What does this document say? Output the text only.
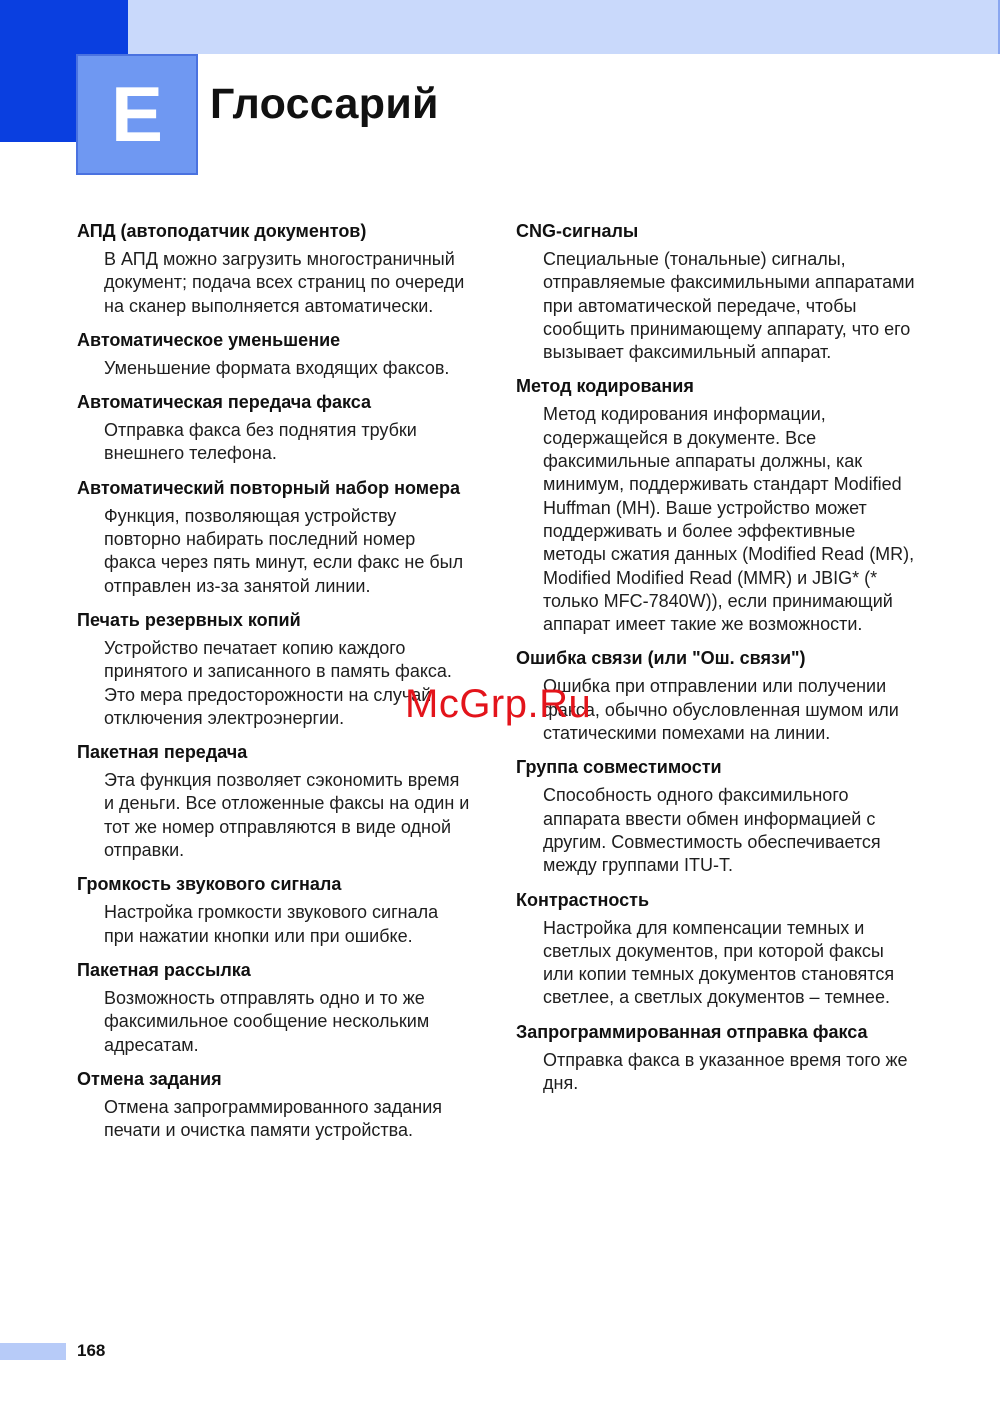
E	Глоссарий
АПД (автоподатчик документов)
В АПД можно загрузить многостраничный документ; подача всех страниц по очереди на сканер выполняется автоматически.
Автоматическое уменьшение
Уменьшение формата входящих факсов.
Автоматическая передача факса
Отправка факса без поднятия трубки внешнего телефона.
Автоматический повторный набор номера
Функция, позволяющая устройству повторно набирать последний номер факса через пять минут, если факс не был отправлен из-за занятой линии.
Печать резервных копий
Устройство печатает копию каждого принятого и записанного в память факса. Это мера предосторожности на случай отключения электроэнергии.
Пакетная передача
Эта функция позволяет сэкономить время и деньги. Все отложенные факсы на один и тот же номер отправляются в виде одной отправки.
Громкость звукового сигнала
Настройка громкости звукового сигнала при нажатии кнопки или при ошибке.
Пакетная рассылка
Возможность отправлять одно и то же факсимильное сообщение нескольким адресатам.
Отмена задания
Отмена запрограммированного задания печати и очистка памяти устройства.
CNG-сигналы
Специальные (тональные) сигналы, отправляемые факсимильными аппаратами при автоматической передаче, чтобы сообщить принимающему аппарату, что его вызывает факсимильный аппарат.
Метод кодирования
Метод кодирования информации, содержащейся в документе. Все факсимильные аппараты должны, как минимум, поддерживать стандарт Modified Huffman (MH). Ваше устройство может поддерживать и более эффективные методы сжатия данных (Modified Read (MR), Modified Modified Read (MMR) и JBIG* (* только MFC-7840W)), если принимающий аппарат имеет такие же возможности.
Ошибка связи (или "Ош. связи")
Ошибка при отправлении или получении факса, обычно обусловленная шумом или статическими помехами на линии.
Группа совместимости
Способность одного факсимильного аппарата ввести обмен информацией с другим. Совместимость обеспечивается между группами ITU-T.
Контрастность
Настройка для компенсации темных и светлых документов, при которой факсы или копии темных документов становятся светлее, а светлых документов – темнее.
Запрограммированная отправка факса
Отправка факса в указанное время того же дня.
McGrp.Ru
168
